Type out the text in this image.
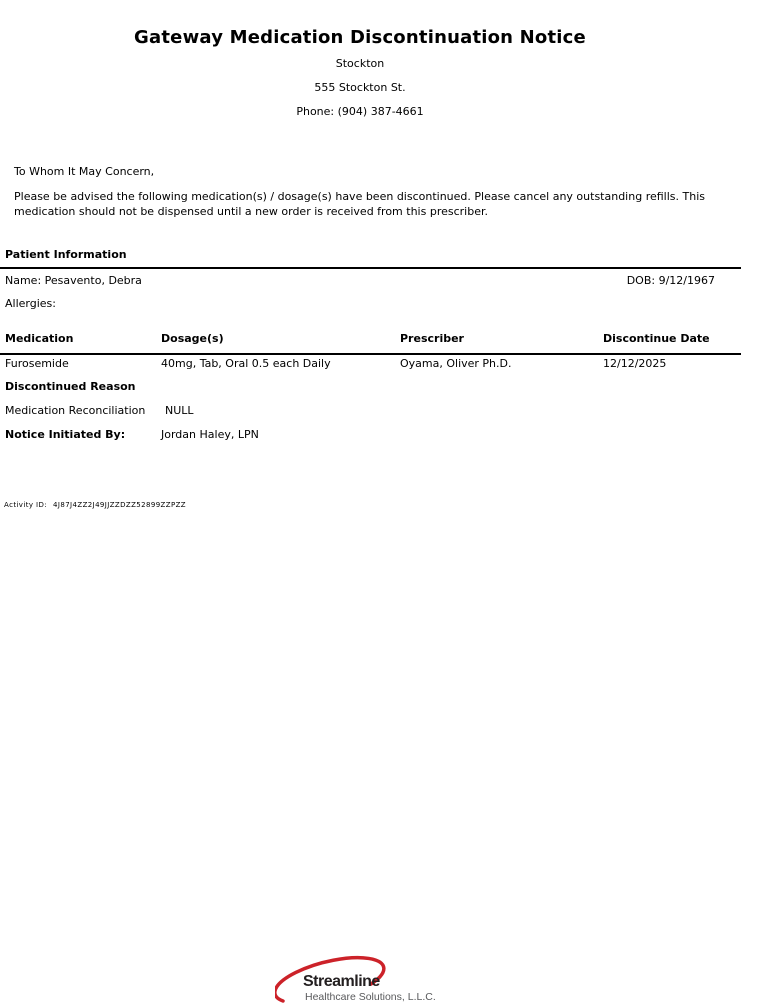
Gateway Medication Discontinuation Notice
Stockton
555 Stockton St.
Phone: (904) 387-4661
To Whom It May Concern,
Please be advised the following medication(s) / dosage(s) have been discontinued. Please cancel any outstanding refills. This medication should not be dispensed until a new order is received from this prescriber.
Patient Information
Name: Pesavento, Debra	DOB: 9/12/1967
Allergies:
Medication	Dosage(s)	Prescriber	Discontinue Date
Furosemide	40mg, Tab, Oral 0.5 each Daily	Oyama, Oliver Ph.D.	12/12/2025
Discontinued Reason
Medication Reconciliation NULL
Notice Initiated By:	Jordan Haley, LPN
Activity ID: 4J87J4ZZ2J49JJZZDZZ52899ZZPZZ
Streamline
Healthcare Solutions, L.L.C.
